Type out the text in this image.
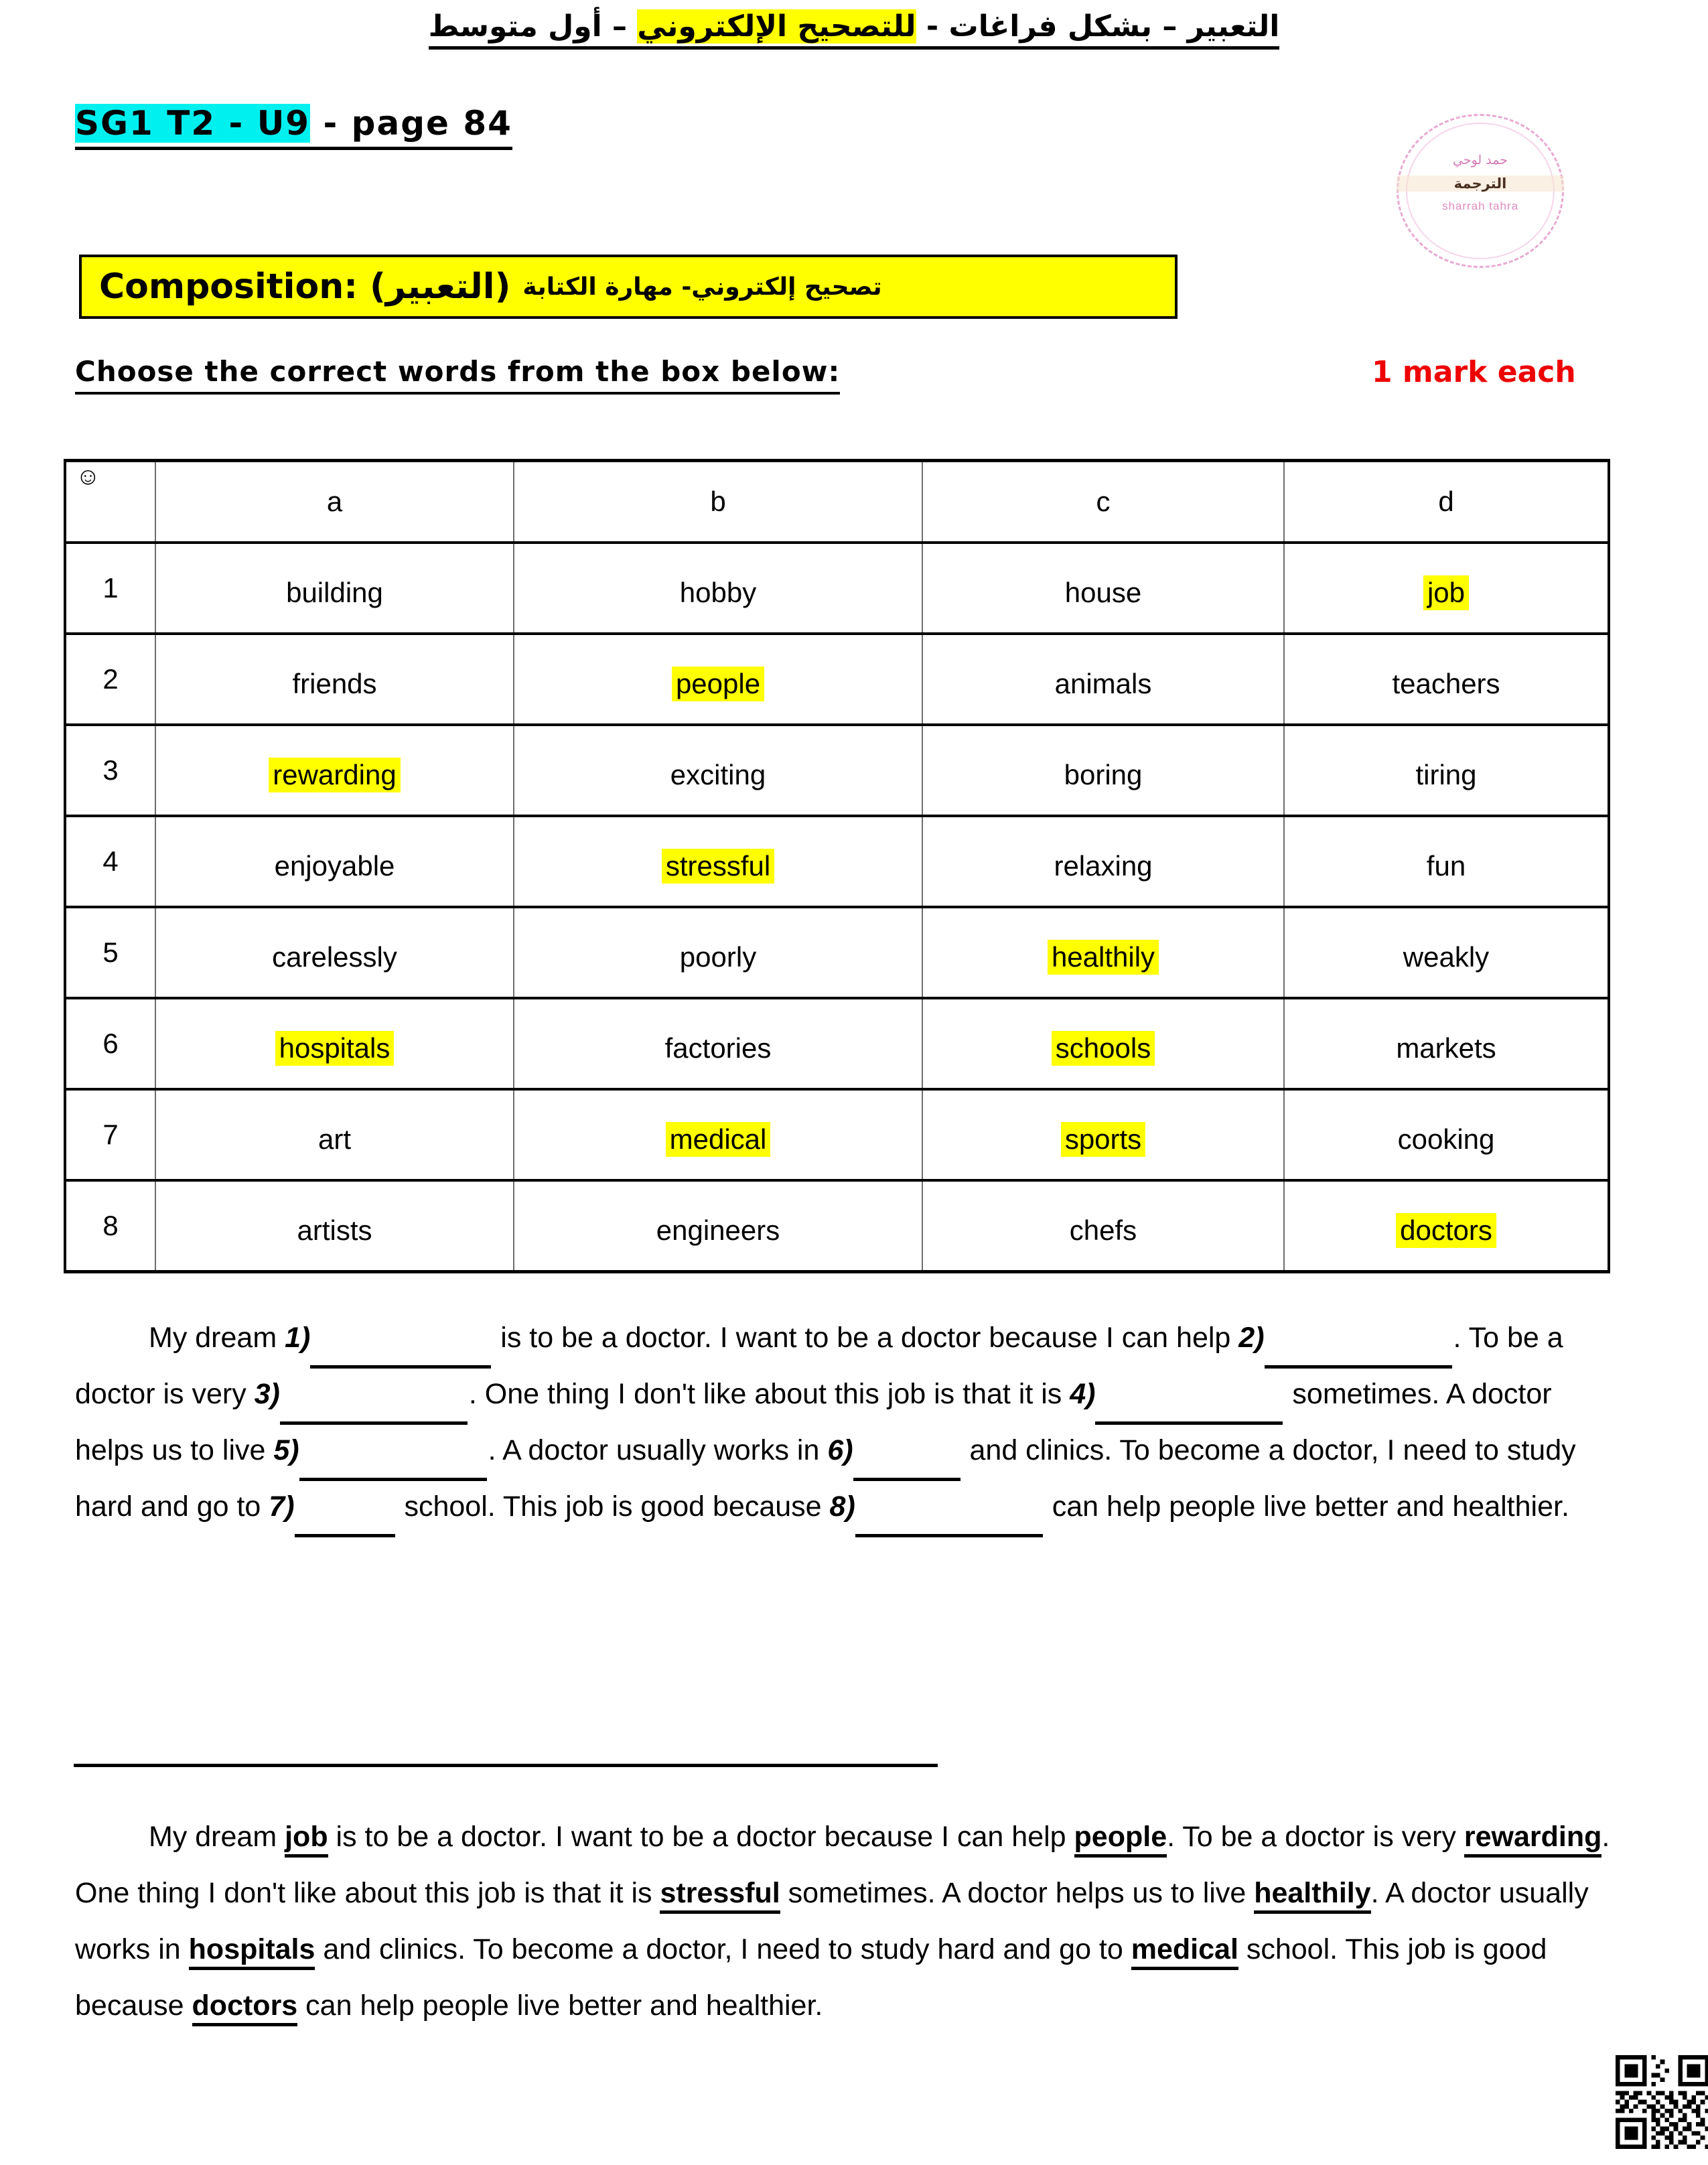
التعبير – بشكل فراغات - للتصحيح الإلكتروني – أول متوسط
SG1 T2 - U9 - page 84
حمد لوحي
الترجمة
sharrah tahra
Composition: (التعبير) تصحيح إلكتروني- مهارة الكتابة
Choose the correct words from the box below:	1 mark each
☺	a	b	c	d
1	building	hobby	house	job
2	friends	people	animals	teachers
3	rewarding	exciting	boring	tiring
4	enjoyable	stressful	relaxing	fun
5	carelessly	poorly	healthily	weakly
6	hospitals	factories	schools	markets
7	art	medical	sports	cooking
8	artists	engineers	chefs	doctors
My dream 1)	is to be a doctor. I want to be a doctor because I can help 2)	. To be a doctor is very 3)	. One thing I don't like about this job is that it is 4)	sometimes. A doctor helps us to live 5)	. A doctor usually works in 6)	and clinics. To become a doctor, I need to study hard and go to 7)	school. This job is good because 8)	can help people live better and healthier.
My dream job is to be a doctor. I want to be a doctor because I can help people. To be a doctor is very rewarding. One thing I don't like about this job is that it is stressful sometimes. A doctor helps us to live healthily. A doctor usually works in hospitals and clinics. To become a doctor, I need to study hard and go to medical school. This job is good because doctors can help people live better and healthier.
